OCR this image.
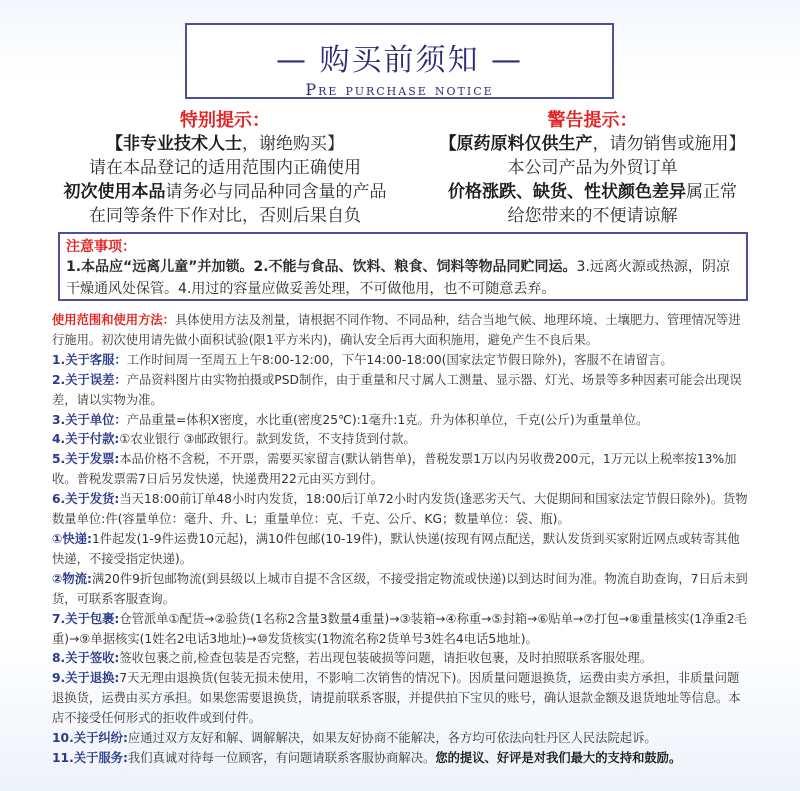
— 购买前须知 —
Pre purchase notice
特别提示：
【非专业技术人士，谢绝购买】
请在本品登记的适用范围内正确使用
初次使用本品请务必与同品种同含量的产品
在同等条件下作对比，否则后果自负
警告提示：
【原药原料仅供生产，请勿销售或施用】
本公司产品为外贸订单
价格涨跌、缺货、性状颜色差异属正常
给您带来的不便请谅解
注意事项：
1.本品应“远离儿童”并加锁。2.不能与食品、饮料、粮食、饲料等物品同贮同运。3.远离火源或热源，阴凉干燥通风处保管。4.用过的容量应做妥善处理，不可做他用，也不可随意丢弃。

使用范围和使用方法：具体使用方法及剂量，请根据不同作物、不同品种，结合当地气候、地理环境、土壤肥力、管理情况等进行施用。初次使用请先做小面积试验(限1平方米内)，确认安全后再大面积施用，避免产生不良后果。

1.关于客服：工作时间周一至周五上午8:00-12:00，下午14:00-18:00(国家法定节假日除外)，客服不在请留言。

2.关于误差：产品资料图片由实物拍摄或PSD制作，由于重量和尺寸属人工测量、显示器、灯光、场景等多种因素可能会出现误差，请以实物为准。

3.关于单位：产品重量=体积X密度，水比重(密度25℃):1毫升:1克。升为体积单位，千克(公斤)为重量单位。

4.关于付款:①农业银行 ③邮政银行。款到发货，不支持货到付款。

5.关于发票:本品价格不含税，不开票，需要买家留言(默认销售单)，普税发票1万以内另收费200元，1万元以上税率按13%加收。普税发票需7日后另发快递，快递费用22元由买方到付。

6.关于发货:当天18:00前订单48小时内发货，18:00后订单72小时内发货(逢恶劣天气、大促期间和国家法定节假日除外)。货物数量单位:件(容量单位：毫升、升、L；重量单位：克、千克、公斤、KG；数量单位：袋、瓶)。

①快递:1件起发(1-9件运费10元起)，满10件包邮(10-19件)，默认快递(按现有网点配送，默认发货到买家附近网点或转寄其他快递，不接受指定快递)。

②物流:满20件9折包邮物流(到县级以上城市自提不含区级，不接受指定物流或快递)以到达时间为准。物流自助查询，7日后未到货，可联系客服查询。

7.关于包裹:仓管派单①配货→②验货(1名称2含量3数量4重量)→③装箱→④称重→⑤封箱→⑥贴单→⑦打包→⑧重量核实(1净重2毛重)→⑨单据核实(1姓名2电话3地址)→⑩发货核实(1物流名称2货单号3姓名4电话5地址)。

8.关于签收:签收包裹之前,检查包装是否完整，若出现包装破损等问题，请拒收包裹，及时拍照联系客服处理。

9.关于退换:7天无理由退换货(包装无损未使用，不影响二次销售的情况下)。因质量问题退换货，运费由卖方承担，非质量问题退换货，运费由买方承担。如果您需要退换货，请提前联系客服，并提供拍下宝贝的账号，确认退款金额及退货地址等信息。本店不接受任何形式的拒收件或到付件。

10.关于纠纷:应通过双方友好和解、调解解决，如果友好协商不能解决，各方均可依法向牡丹区人民法院起诉。

11.关于服务:我们真诚对待每一位顾客，有问题请联系客服协商解决。您的提议、好评是对我们最大的支持和鼓励。
